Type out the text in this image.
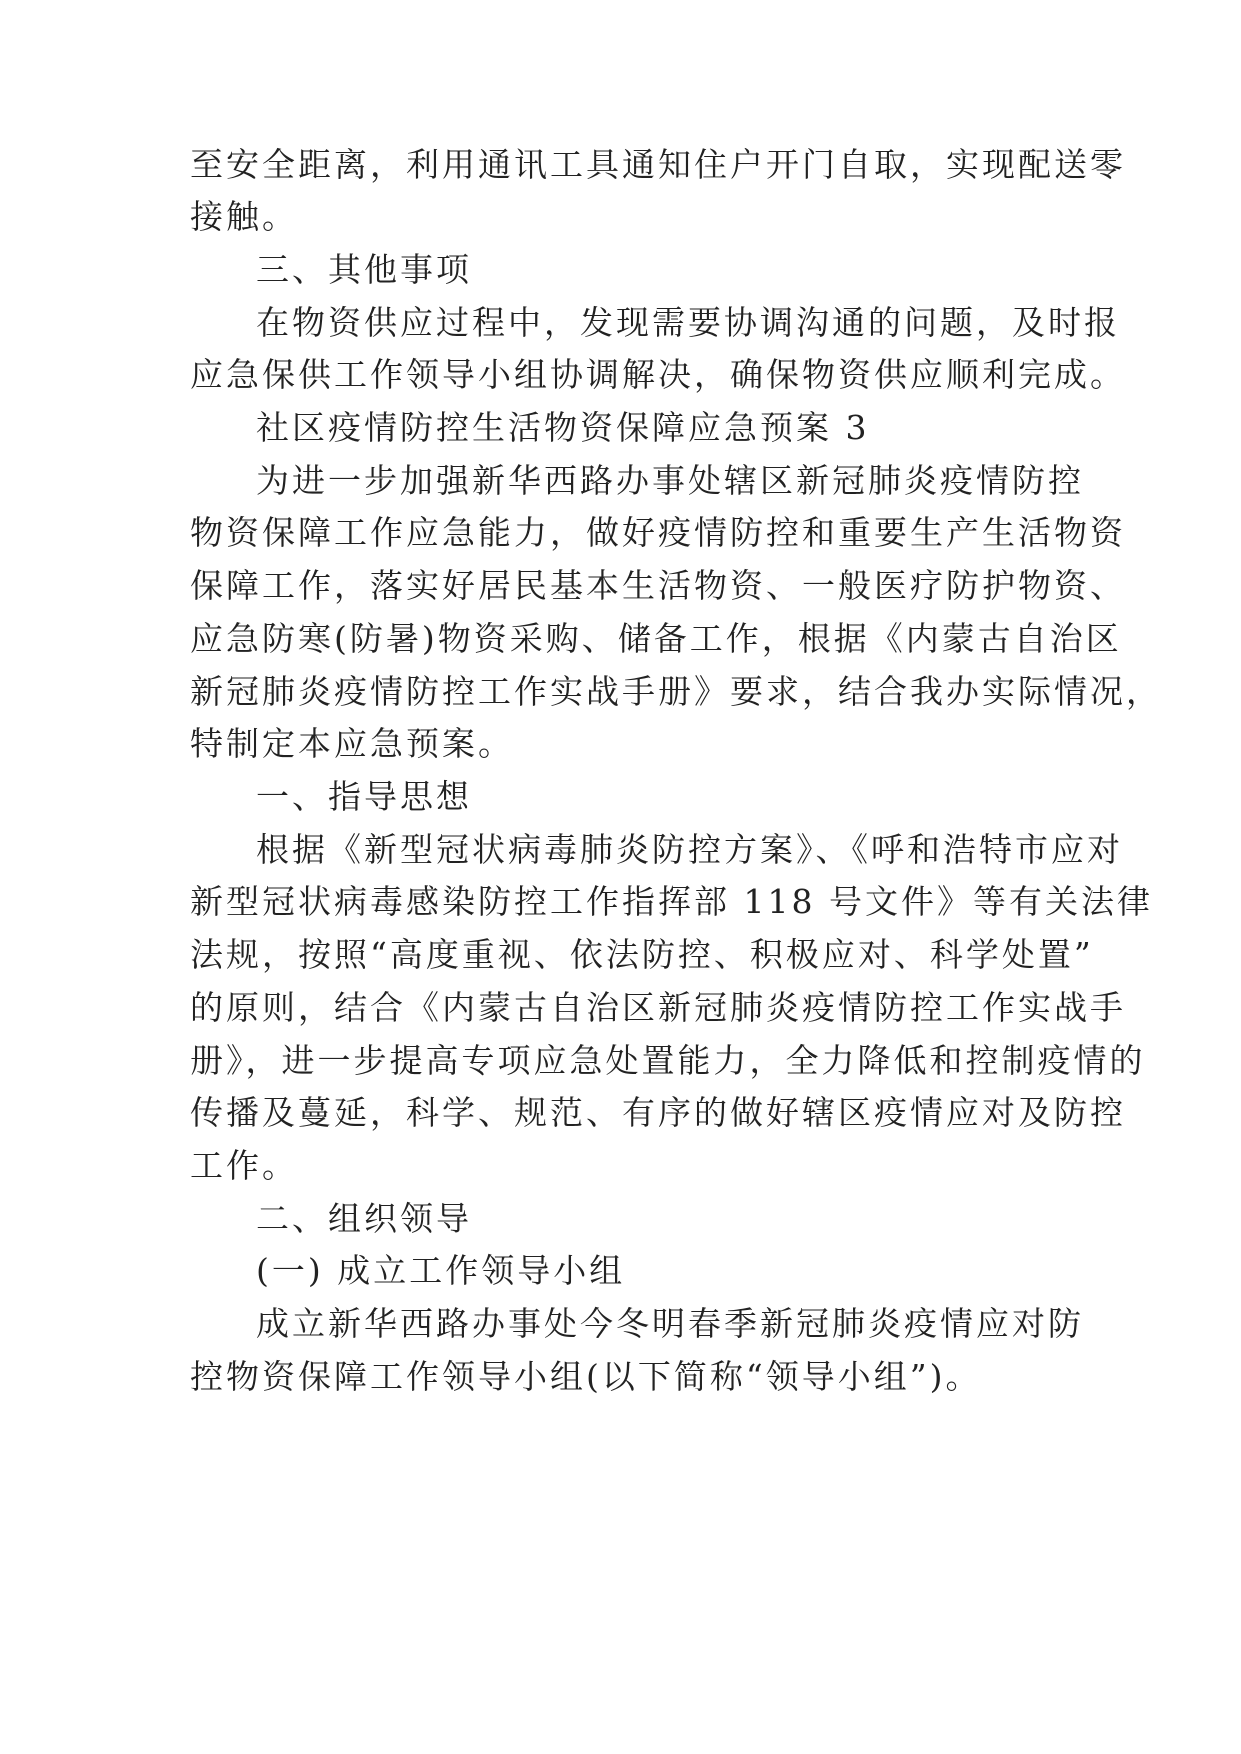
至安全距离，利用通讯工具通知住户开门自取，实现配送零
接触。
三、其他事项
在物资供应过程中，发现需要协调沟通的问题，及时报
应急保供工作领导小组协调解决，确保物资供应顺利完成。
社区疫情防控生活物资保障应急预案 3
为进一步加强新华西路办事处辖区新冠肺炎疫情防控
物资保障工作应急能力，做好疫情防控和重要生产生活物资
保障工作，落实好居民基本生活物资、一般医疗防护物资、
应急防寒(防暑)物资采购、储备工作，根据《内蒙古自治区
新冠肺炎疫情防控工作实战手册》要求，结合我办实际情况，
特制定本应急预案。
一、指导思想
根据《新型冠状病毒肺炎防控方案》、《呼和浩特市应对
新型冠状病毒感染防控工作指挥部 118 号文件》等有关法律
法规，按照“高度重视、依法防控、积极应对、科学处置”
的原则，结合《内蒙古自治区新冠肺炎疫情防控工作实战手
册》，进一步提高专项应急处置能力，全力降低和控制疫情的
传播及蔓延，科学、规范、有序的做好辖区疫情应对及防控
工作。
二、组织领导
(一) 成立工作领导小组
成立新华西路办事处今冬明春季新冠肺炎疫情应对防
控物资保障工作领导小组(以下简称“领导小组”)。
